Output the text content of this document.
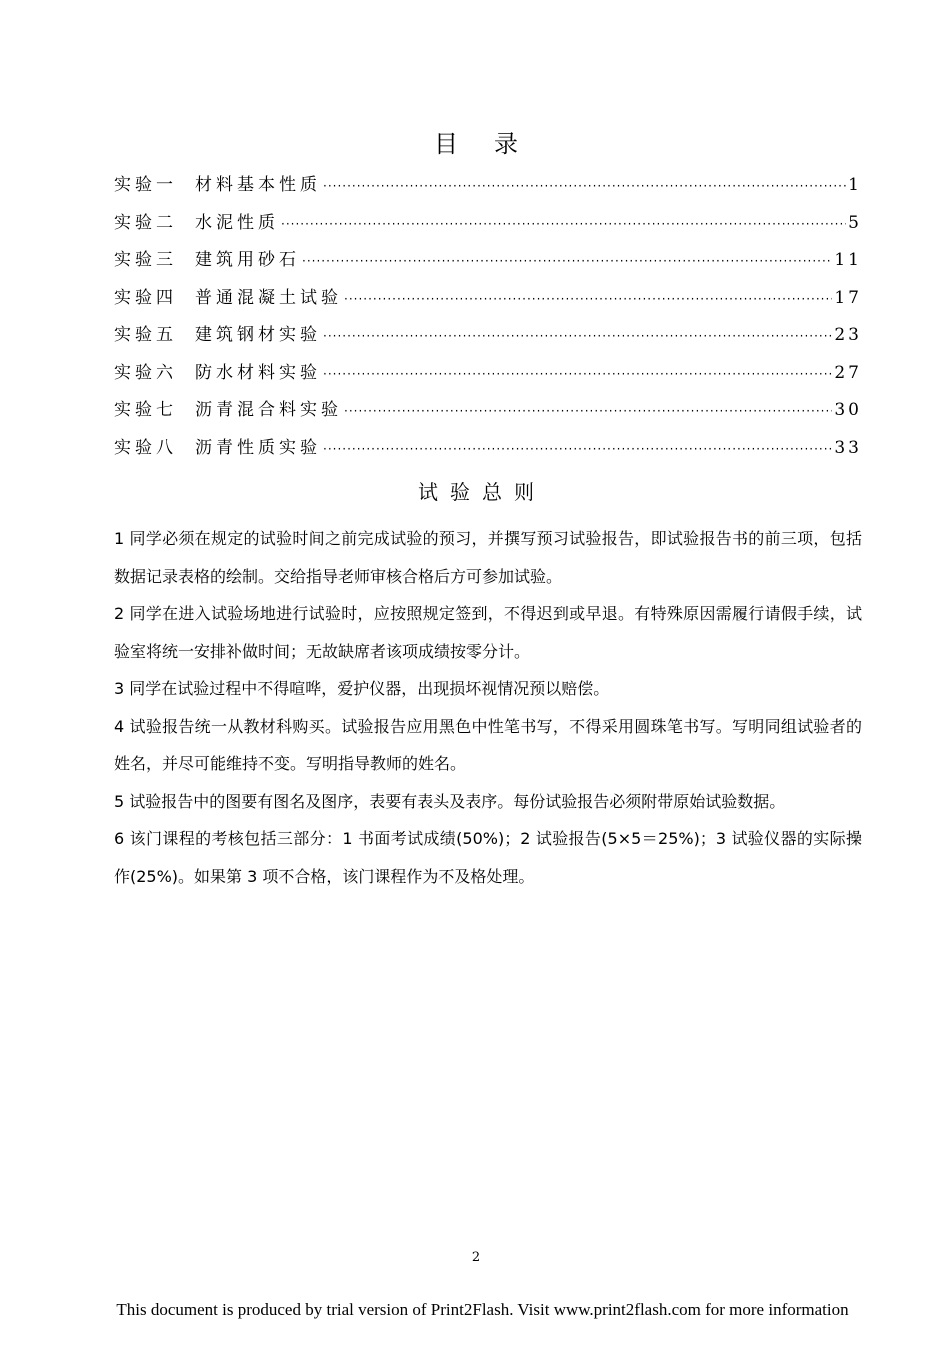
目录
实验一 材料基本性质 ·····	1
实验二 水泥性质 ·····	5
实验三 建筑用砂石 ·····	11
实验四 普通混凝土试验 ·····	17
实验五 建筑钢材实验 ·····	23
实验六 防水材料实验 ·····	27
实验七 沥青混合料实验 ·····	30
实验八 沥青性质实验 ·····	33
试验总则

1 同学必须在规定的试验时间之前完成试验的预习，并撰写预习试验报告，即试验报告书的前三项，包括数据记录表格的绘制。交给指导老师审核合格后方可参加试验。

2 同学在进入试验场地进行试验时，应按照规定签到，不得迟到或早退。有特殊原因需履行请假手续，试验室将统一安排补做时间；无故缺席者该项成绩按零分计。

3 同学在试验过程中不得喧哗，爱护仪器，出现损坏视情况预以赔偿。

4 试验报告统一从教材科购买。试验报告应用黑色中性笔书写，不得采用圆珠笔书写。写明同组试验者的姓名，并尽可能维持不变。写明指导教师的姓名。

5 试验报告中的图要有图名及图序，表要有表头及表序。每份试验报告必须附带原始试验数据。

6 该门课程的考核包括三部分：1 书面考试成绩(50%)；2 试验报告(5×5＝25%)；3 试验仪器的实际操作(25%)。如果第 3 项不合格，该门课程作为不及格处理。

2
This document is produced by trial version of Print2Flash. Visit www.print2flash.com for more information
